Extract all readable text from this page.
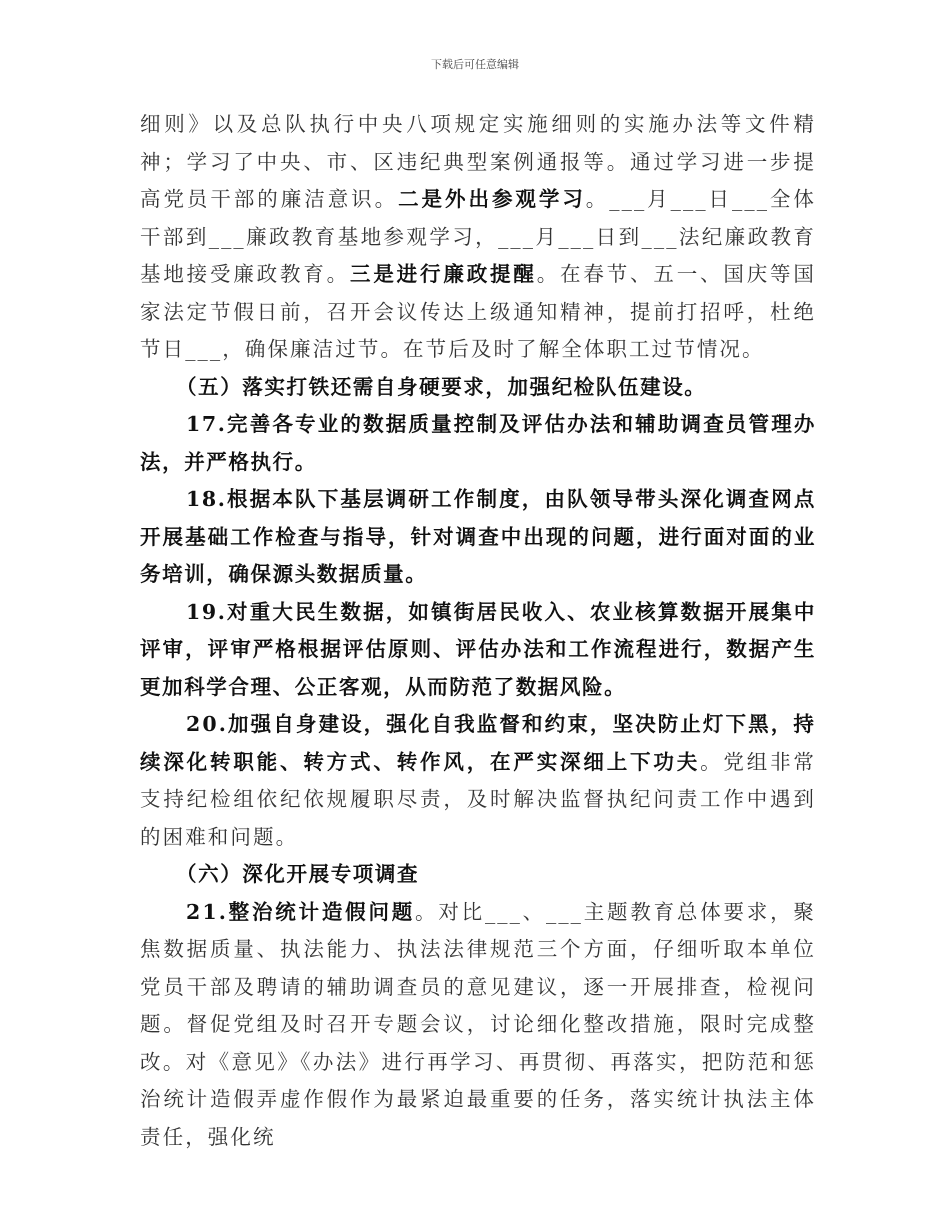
下载后可任意编辑

细则》以及总队执行中央八项规定实施细则的实施办法等文件精神；学习了中央、市、区违纪典型案例通报等。通过学习进一步提高党员干部的廉洁意识。二是外出参观学习。___月___日___全体干部到___廉政教育基地参观学习，___月___日到___法纪廉政教育基地接受廉政教育。三是进行廉政提醒。在春节、五一、国庆等国家法定节假日前，召开会议传达上级通知精神，提前打招呼，杜绝节日___，确保廉洁过节。在节后及时了解全体职工过节情况。

（五）落实打铁还需自身硬要求，加强纪检队伍建设。

17.完善各专业的数据质量控制及评估办法和辅助调查员管理办法，并严格执行。

18.根据本队下基层调研工作制度，由队领导带头深化调查网点开展基础工作检查与指导，针对调查中出现的问题，进行面对面的业务培训，确保源头数据质量。

19.对重大民生数据，如镇街居民收入、农业核算数据开展集中评审，评审严格根据评估原则、评估办法和工作流程进行，数据产生更加科学合理、公正客观，从而防范了数据风险。

20.加强自身建设，强化自我监督和约束，坚决防止灯下黑，持续深化转职能、转方式、转作风，在严实深细上下功夫。党组非常支持纪检组依纪依规履职尽责，及时解决监督执纪问责工作中遇到的困难和问题。

（六）深化开展专项调查

21.整治统计造假问题。对比___、___主题教育总体要求，聚焦数据质量、执法能力、执法法律规范三个方面，仔细听取本单位党员干部及聘请的辅助调查员的意见建议，逐一开展排查，检视问题。督促党组及时召开专题会议，讨论细化整改措施，限时完成整改。对《意见》《办法》进行再学习、再贯彻、再落实，把防范和惩治统计造假弄虚作假作为最紧迫最重要的任务，落实统计执法主体责任，强化统
